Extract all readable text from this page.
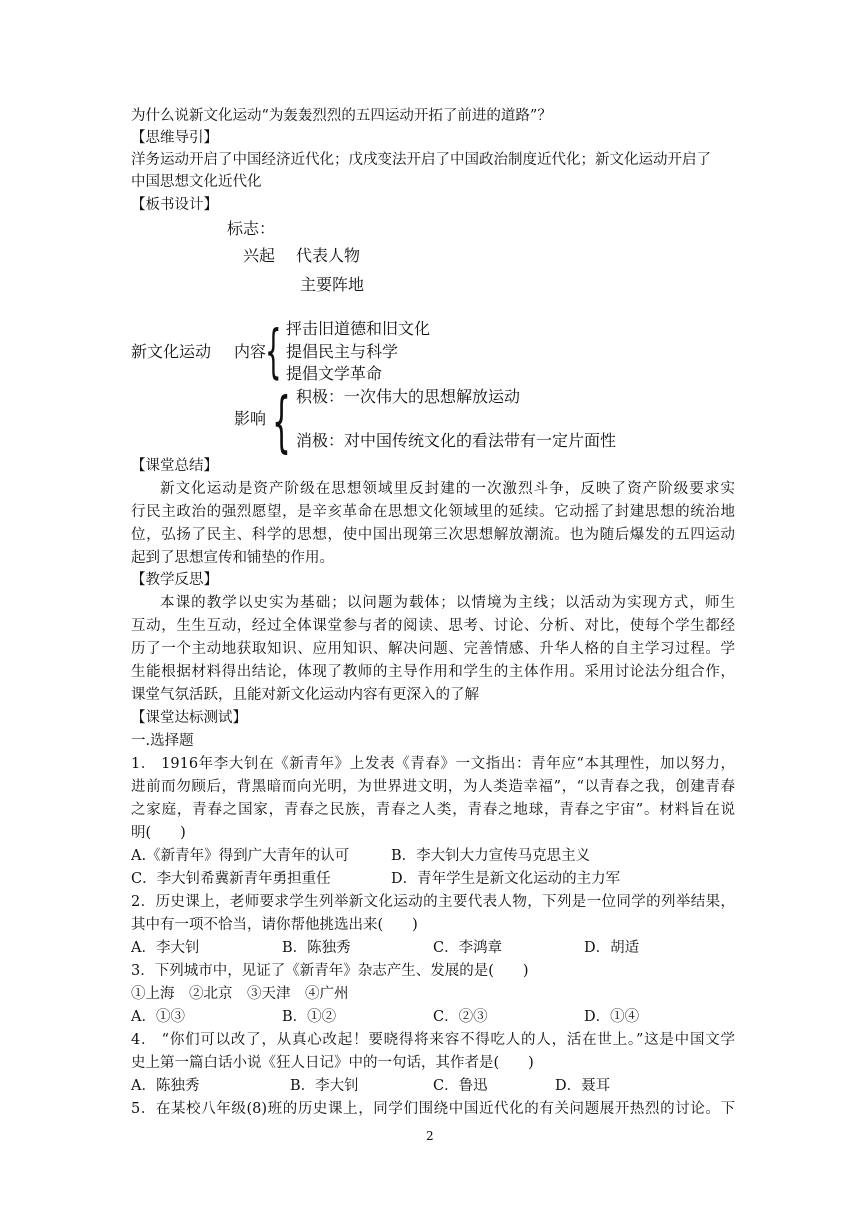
为什么说新文化运动“为轰轰烈烈的五四运动开拓了前进的道路”？
【思维导引】
洋务运动开启了中国经济近代化；戊戌变法开启了中国政治制度近代化；新文化运动开启了
中国思想文化近代化
【板书设计】
标志：
兴起 代表人物
主要阵地
新文化运动 内容
{ 抨击旧道德和旧文化
提倡民主与科学
提倡文学革命
影响 { 积极：一次伟大的思想解放运动
消极：对中国传统文化的看法带有一定片面性
【课堂总结】
新文化运动是资产阶级在思想领域里反封建的一次激烈斗争，反映了资产阶级要求实
行民主政治的强烈愿望，是辛亥革命在思想文化领域里的延续。它动摇了封建思想的统治地
位，弘扬了民主、科学的思想，使中国出现第三次思想解放潮流。也为随后爆发的五四运动
起到了思想宣传和铺垫的作用。
【教学反思】
本课的教学以史实为基础；以问题为载体；以情境为主线；以活动为实现方式，师生
互动，生生互动，经过全体课堂参与者的阅读、思考、讨论、分析、对比，使每个学生都经
历了一个主动地获取知识、应用知识、解决问题、完善情感、升华人格的自主学习过程。学
生能根据材料得出结论，体现了教师的主导作用和学生的主体作用。采用讨论法分组合作，
课堂气氛活跃，且能对新文化运动内容有更深入的了解
【课堂达标测试】
一.选择题
1． 1916年李大钊在《新青年》上发表《青春》一文指出：青年应“本其理性，加以努力，
进前而勿顾后，背黑暗而向光明，为世界进文明，为人类造幸福”，“以青春之我，创建青春
之家庭，青春之国家，青春之民族，青春之人类，青春之地球，青春之宇宙”。材料旨在说
明(　　)
A.《新青年》得到广大青年的认可	B．李大钊大力宣传马克思主义
C．李大钊希冀新青年勇担重任	D．青年学生是新文化运动的主力军
2．历史课上，老师要求学生列举新文化运动的主要代表人物，下列是一位同学的列举结果，
其中有一项不恰当，请你帮他挑选出来(　　)
A．李大钊	B．陈独秀	C．李鸿章	D．胡适
3．下列城市中，见证了《新青年》杂志产生、发展的是(　　)
①上海　②北京　③天津　④广州
A．①③	B．①②	C．②③	D．①④
4． “你们可以改了，从真心改起！要晓得将来容不得吃人的人，活在世上。”这是中国文学
史上第一篇白话小说《狂人日记》中的一句话，其作者是(　　)
A．陈独秀	B．李大钊	C．鲁迅	D．聂耳
5．在某校八年级(8)班的历史课上，同学们围绕中国近代化的有关问题展开热烈的讨论。下
2
